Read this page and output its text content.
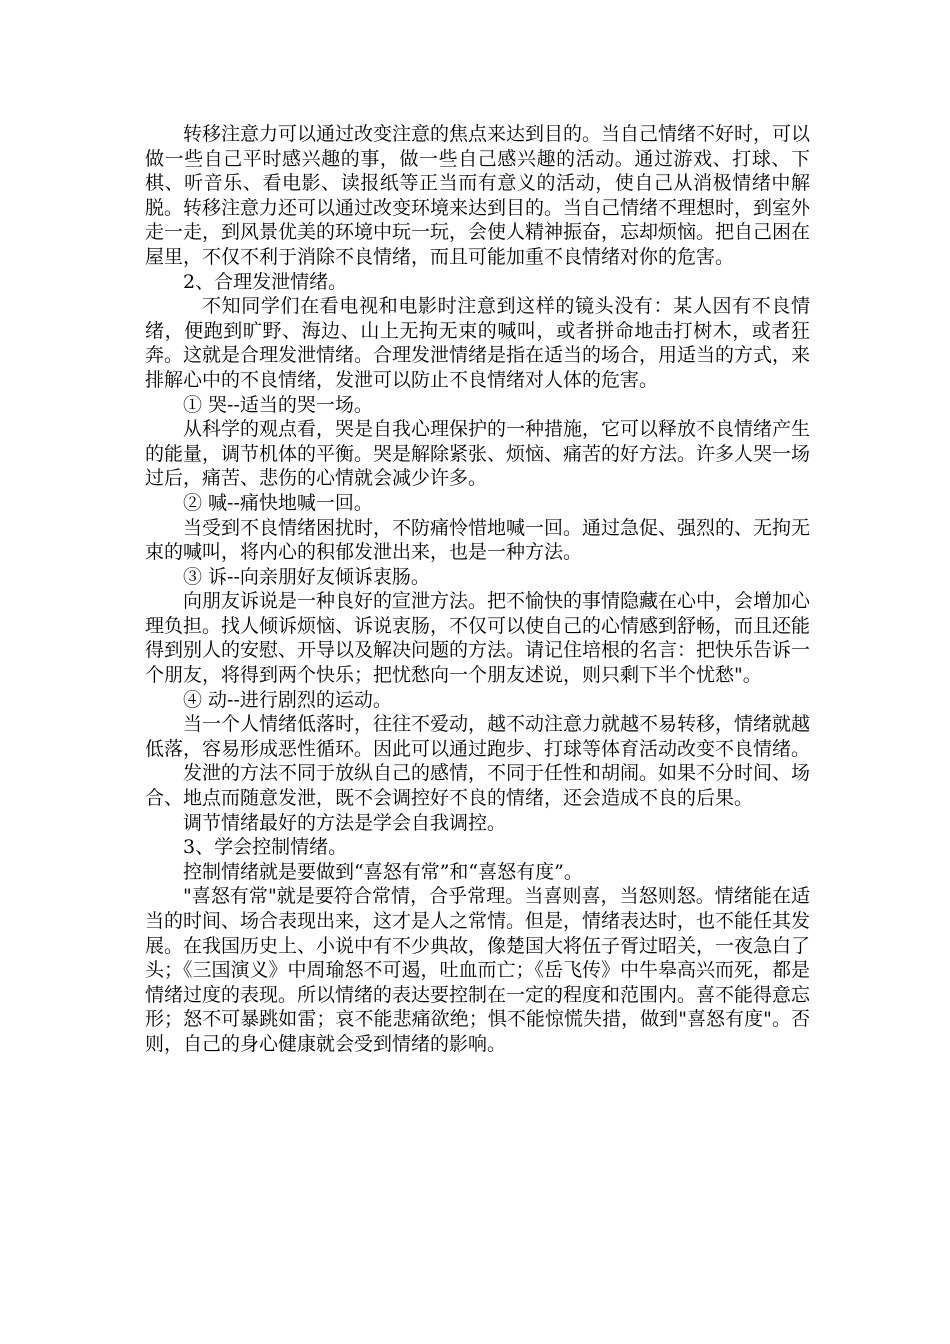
转移注意力可以通过改变注意的焦点来达到目的。当自己情绪不好时，可以做一些自己平时感兴趣的事，做一些自己感兴趣的活动。通过游戏、打球、下棋、听音乐、看电影、读报纸等正当而有意义的活动，使自己从消极情绪中解脱。转移注意力还可以通过改变环境来达到目的。当自己情绪不理想时，到室外走一走，到风景优美的环境中玩一玩，会使人精神振奋，忘却烦恼。把自己困在屋里，不仅不利于消除不良情绪，而且可能加重不良情绪对你的危害。

2、合理发泄情绪。

不知同学们在看电视和电影时注意到这样的镜头没有：某人因有不良情绪，便跑到旷野、海边、山上无拘无束的喊叫，或者拼命地击打树木，或者狂奔。这就是合理发泄情绪。合理发泄情绪是指在适当的场合，用适当的方式，来排解心中的不良情绪，发泄可以防止不良情绪对人体的危害。

① 哭--适当的哭一场。

从科学的观点看，哭是自我心理保护的一种措施，它可以释放不良情绪产生的能量，调节机体的平衡。哭是解除紧张、烦恼、痛苦的好方法。许多人哭一场过后，痛苦、悲伤的心情就会减少许多。

② 喊--痛快地喊一回。

当受到不良情绪困扰时，不防痛怜惜地喊一回。通过急促、强烈的、无拘无束的喊叫，将内心的积郁发泄出来，也是一种方法。

③ 诉--向亲朋好友倾诉衷肠。

向朋友诉说是一种良好的宣泄方法。把不愉快的事情隐藏在心中，会增加心理负担。找人倾诉烦恼、诉说衷肠，不仅可以使自己的心情感到舒畅，而且还能得到别人的安慰、开导以及解决问题的方法。请记住培根的名言：把快乐告诉一个朋友，将得到两个快乐；把忧愁向一个朋友述说，则只剩下半个忧愁"。

④ 动--进行剧烈的运动。

当一个人情绪低落时，往往不爱动，越不动注意力就越不易转移，情绪就越低落，容易形成恶性循环。因此可以通过跑步、打球等体育活动改变不良情绪。

发泄的方法不同于放纵自己的感情，不同于任性和胡闹。如果不分时间、场合、地点而随意发泄，既不会调控好不良的情绪，还会造成不良的后果。

调节情绪最好的方法是学会自我调控。

3、学会控制情绪。

控制情绪就是要做到“喜怒有常”和“喜怒有度”。

"喜怒有常"就是要符合常情，合乎常理。当喜则喜，当怒则怒。情绪能在适当的时间、场合表现出来，这才是人之常情。但是，情绪表达时，也不能任其发展。在我国历史上、小说中有不少典故，像楚国大将伍子胥过昭关，一夜急白了头；《三国演义》中周瑜怒不可遏，吐血而亡；《岳飞传》中牛皋高兴而死，都是情绪过度的表现。所以情绪的表达要控制在一定的程度和范围内。喜不能得意忘形；怒不可暴跳如雷；哀不能悲痛欲绝；惧不能惊慌失措，做到"喜怒有度"。否则，自己的身心健康就会受到情绪的影响。
